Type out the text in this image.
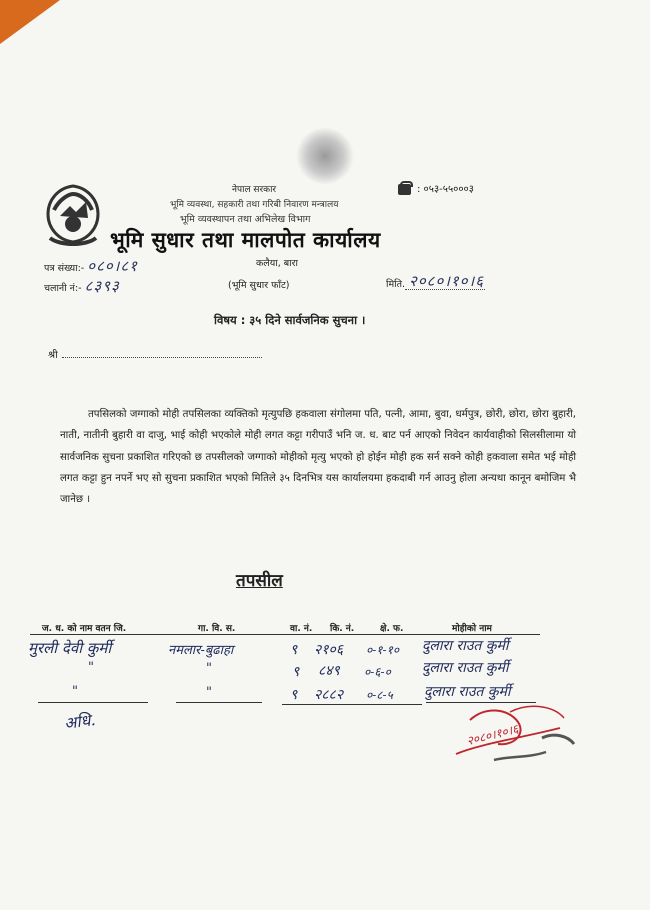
नेपाल सरकार
भूमि व्यवस्था, सहकारी तथा गरिबी निवारण मन्त्रालय
भूमि व्यवस्थापन तथा अभिलेख विभाग
भूमि सुधार तथा मालपोत कार्यालय
: ०५३-५५०००३
कलैया, बारा
पत्र संख्या:- ०८०।८१
चलानी नं:- ८३९३	(भूमि सुधार फाँट)	मिति. २०८०।१०।६
विषय : ३५ दिने सार्वजनिक सुचना ।
श्री
तपसिलको जग्गाको मोही तपसिलका व्यक्तिको मृत्युपछि हकवाला संगोलमा पति, पत्नी, आमा, बुवा, धर्मपुत्र, छोरी, छोरा, छोरा बुहारी, नाती, नातीनी बुहारी वा दाजु, भाई कोही भएकोले मोही लगत कट्टा गरीपाउँ भनि ज. ध. बाट पर्न आएको निवेदन कार्यवाहीको सिलसीलामा यो सार्वजनिक सुचना प्रकाशित गरिएको छ तपसीलको जग्गाको मोहीको मृत्यु भएको हो होईन मोही हक सर्न सक्ने कोही हकवाला समेत भई मोही लगत कट्टा हुन नपर्ने भए सो सुचना प्रकाशित भएको मितिले ३५ दिनभित्र यस कार्यालयमा हकदाबी गर्न आउनु होला अन्यथा कानून बमोजिम भै जानेछ ।
तपसील
ज. ध. को नाम वतन जि.	गा. वि. स.	वा. नं. कि. नं.	क्षे. फ.	मोहीको नाम
मुरली देवी कुर्मी	नमलार-बुढाहा	९ २१०६ ०-१-१० दुलारा राउत कुर्मी
"	"	९ ८४९ ०-६-० दुलारा राउत कुर्मी
"	"	९ २८८२ ०-८-५ दुलारा राउत कुर्मी
अधि.
२०८०।१०।६
